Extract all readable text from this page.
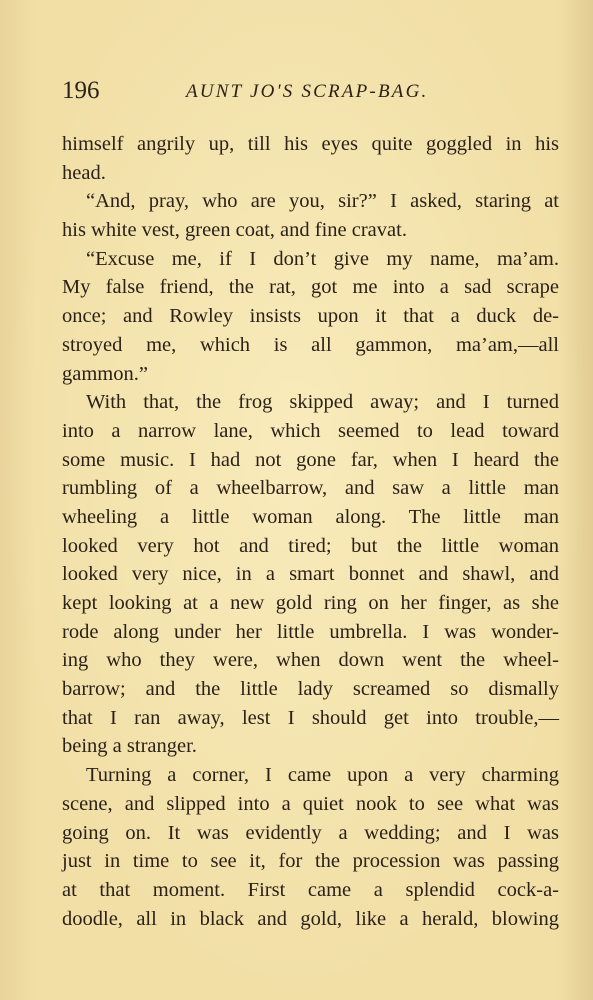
196	AUNT JO'S SCRAP-BAG.
himself angrily up, till his eyes quite goggled in his
head.
“And, pray, who are you, sir?” I asked, staring at
his white vest, green coat, and fine cravat.
“Excuse me, if I don’t give my name, ma’am.
My false friend, the rat, got me into a sad scrape
once; and Rowley insists upon it that a duck de-
stroyed me, which is all gammon, ma’am,—all
gammon.”
With that, the frog skipped away; and I turned
into a narrow lane, which seemed to lead toward
some music. I had not gone far, when I heard the
rumbling of a wheelbarrow, and saw a little man
wheeling a little woman along. The little man
looked very hot and tired; but the little woman
looked very nice, in a smart bonnet and shawl, and
kept looking at a new gold ring on her finger, as she
rode along under her little umbrella. I was wonder-
ing who they were, when down went the wheel-
barrow; and the little lady screamed so dismally
that I ran away, lest I should get into trouble,—
being a stranger.
Turning a corner, I came upon a very charming
scene, and slipped into a quiet nook to see what was
going on. It was evidently a wedding; and I was
just in time to see it, for the procession was passing
at that moment. First came a splendid cock-a-
doodle, all in black and gold, like a herald, blowing
